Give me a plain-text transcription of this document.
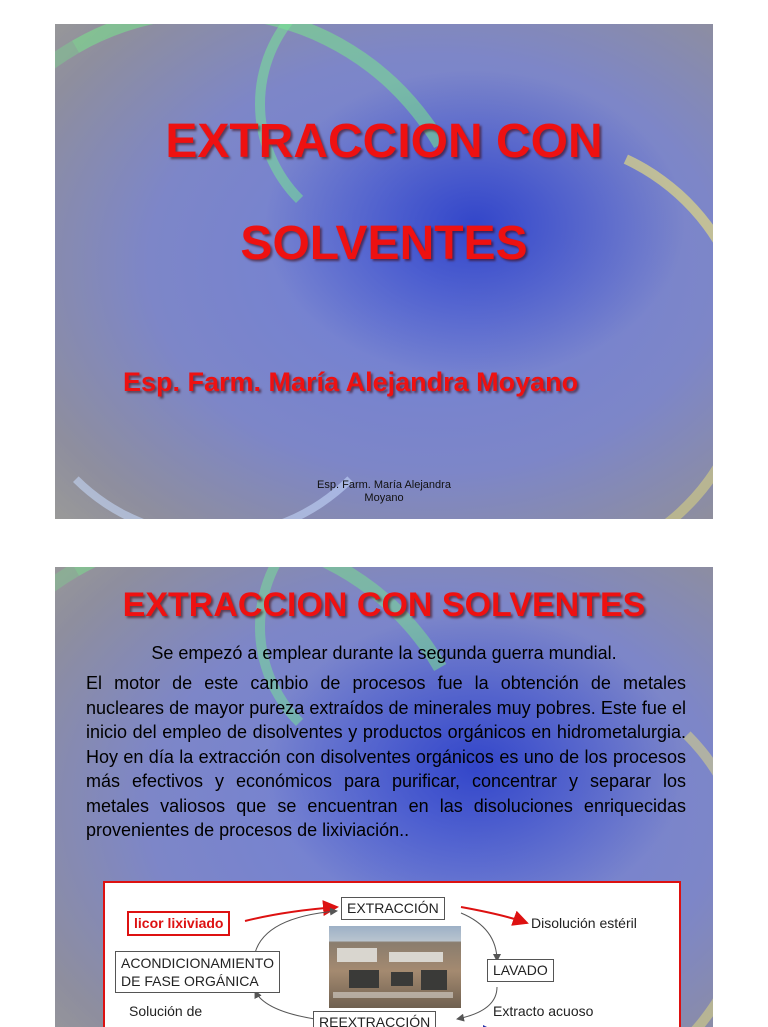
EXTRACCION CON
SOLVENTES
Esp. Farm. María Alejandra Moyano
Esp. Farm. María Alejandra
Moyano
EXTRACCION CON SOLVENTES
Se empezó a emplear durante la segunda guerra mundial.

El motor de este cambio de procesos fue la obtención de metales nucleares de mayor pureza extraídos de minerales muy pobres. Este fue el inicio del empleo de disolventes y productos orgánicos en hidrometalurgia. Hoy en día la extracción con disolventes orgánicos es uno de los procesos más efectivos y económicos para purificar, concentrar y separar los metales valiosos que se encuentran en las disoluciones enriquecidas provenientes de procesos de lixiviación..

licor lixiviado
EXTRACCIÓN
Disolución estéril
ACONDICIONAMIENTO
DE FASE ORGÁNICA
LAVADO
Solución de
REEXTRACCIÓN
Extracto acuoso
